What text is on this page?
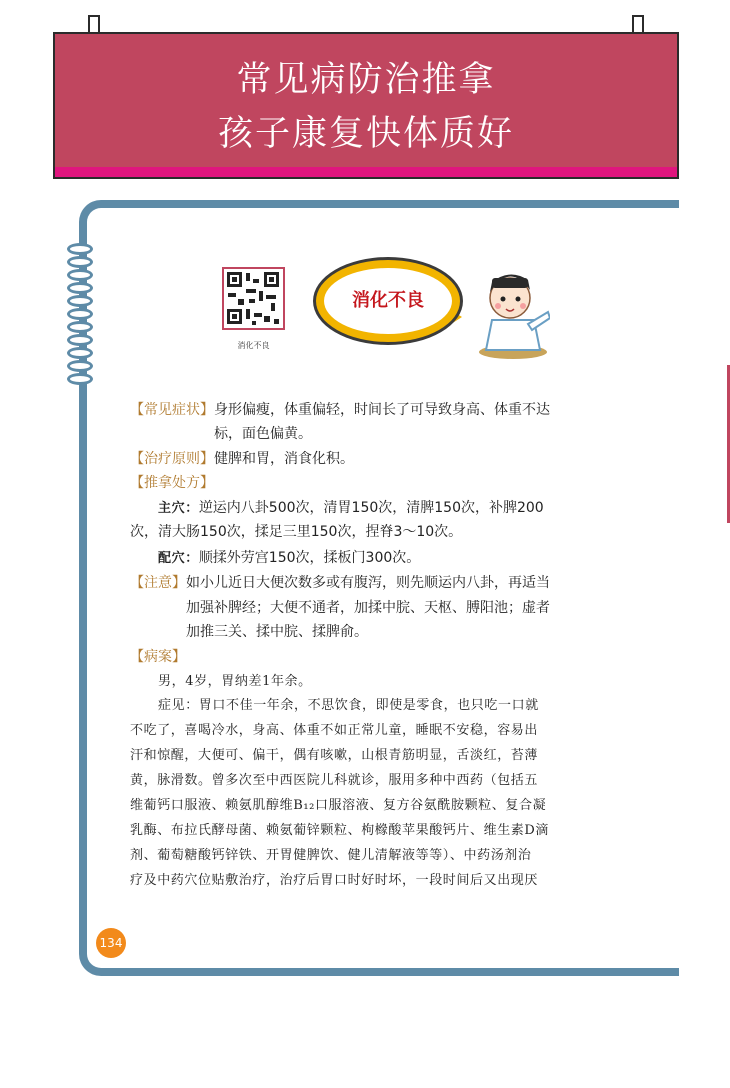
常见病防治推拿
孩子康复快体质好
消化不良
消化不良
【常见症状】身形偏瘦，体重偏轻，时间长了可导致身高、体重不达
标，面色偏黄。
【治疗原则】健脾和胃，消食化积。
【推拿处方】
主穴：逆运内八卦500次，清胃150次，清脾150次，补脾200
次，清大肠150次，揉足三里150次，捏脊3～10次。
配穴：顺揉外劳宫150次，揉板门300次。
【注意】如小儿近日大便次数多或有腹泻，则先顺运内八卦，再适当
加强补脾经；大便不通者，加揉中脘、天枢、膊阳池；虚者
加推三关、揉中脘、揉脾俞。
【病案】
男，4岁，胃纳差1年余。
症见：胃口不佳一年余，不思饮食，即使是零食，也只吃一口就
不吃了，喜喝冷水，身高、体重不如正常儿童，睡眠不安稳，容易出
汗和惊醒，大便可、偏干，偶有咳嗽，山根青筋明显，舌淡红，苔薄
黄，脉滑数。曾多次至中西医院儿科就诊，服用多种中西药（包括五
维葡钙口服液、赖氨肌醇维B₁₂口服溶液、复方谷氨酰胺颗粒、复合凝
乳酶、布拉氏酵母菌、赖氨葡锌颗粒、枸橼酸苹果酸钙片、维生素D滴
剂、葡萄糖酸钙锌铁、开胃健脾饮、健儿清解液等等）、中药汤剂治
疗及中药穴位贴敷治疗，治疗后胃口时好时坏，一段时间后又出现厌
134
